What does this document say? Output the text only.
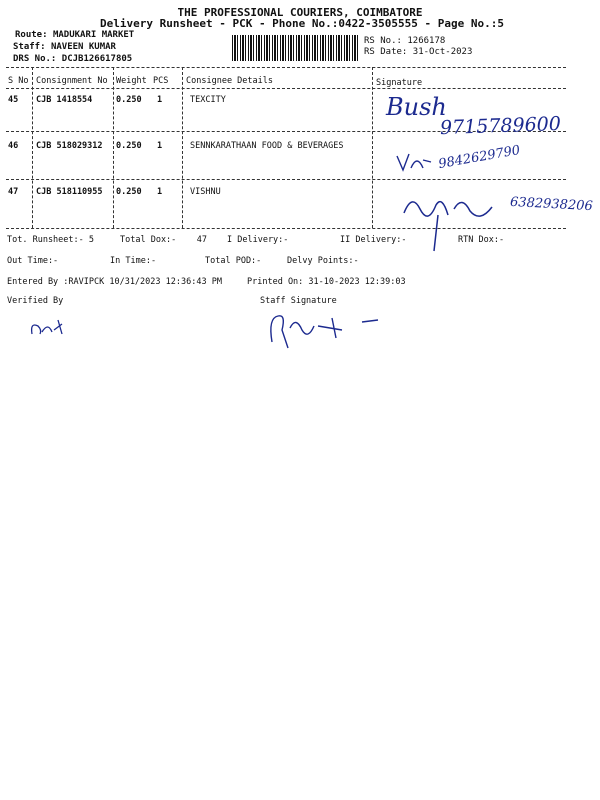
THE PROFESSIONAL COURIERS, COIMBATORE
Delivery Runsheet - PCK - Phone No.:0422-3505555 - Page No.:5
Route: MADUKARI MARKET
Staff: NAVEEN KUMAR
DRS No.: DCJB126617805
RS No.: 1266178
RS Date: 31-Oct-2023
S No Consignment No Weight PCS Consignee Details	Signature
45 CJB 1418554	0.250 1	TEXCITY
46 CJB 518029312 0.250 1	SENNKARATHAAN FOOD & BEVERAGES
47 CJB 518110955 0.250 1	VISHNU
Bush
9715789600
9842629790
6382938206
Tot. Runsheet:- 5	Total Dox:- 47 I Delivery:-	II Delivery:-	RTN Dox:-
Out Time:-	In Time:-	Total POD:-	Delvy Points:-
Entered By :RAVIPCK 10/31/2023 12:36:43 PM	Printed On: 31-10-2023 12:39:03
Verified By	Staff Signature
